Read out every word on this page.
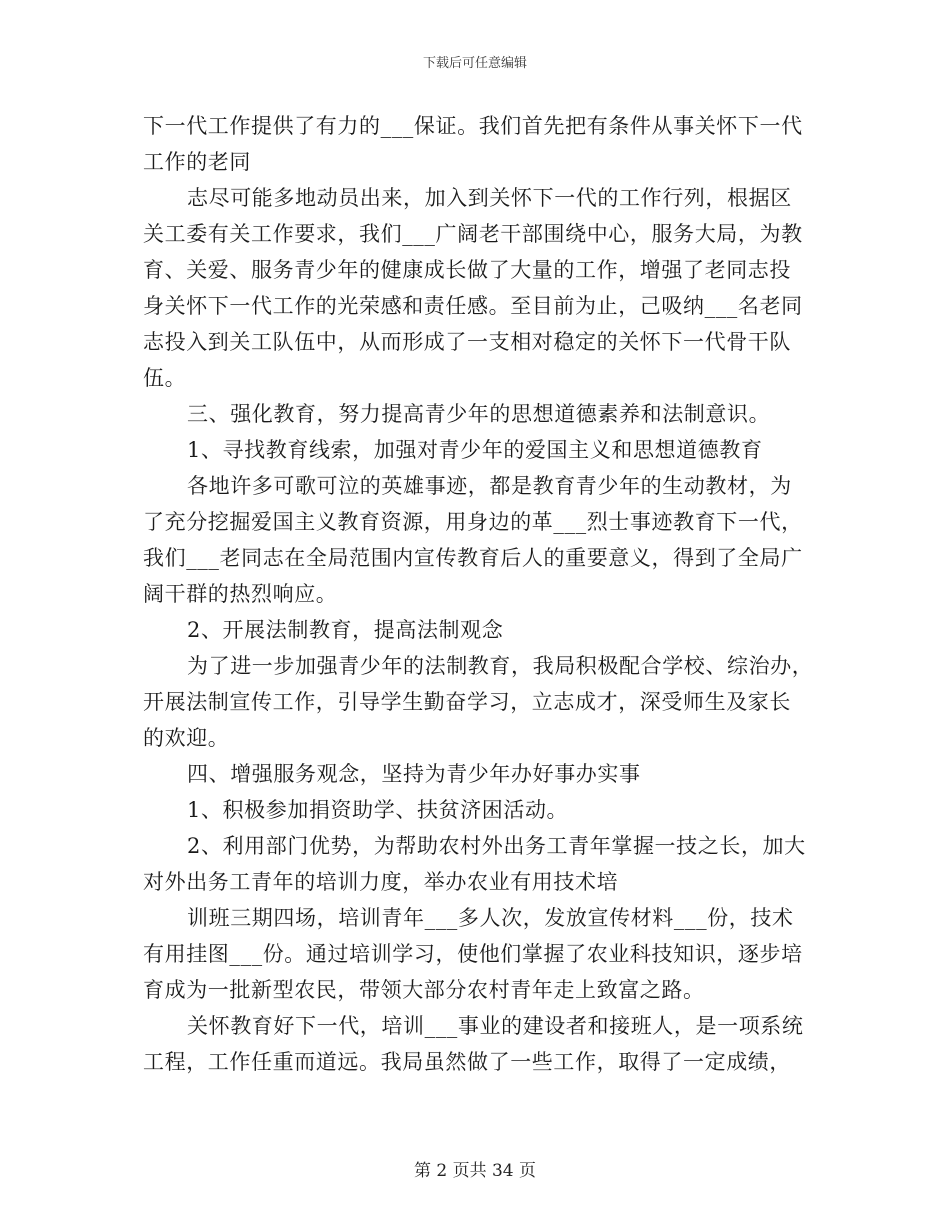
下载后可任意编辑
下一代工作提供了有力的___保证。我们首先把有条件从事关怀下一代
工作的老同
志尽可能多地动员出来，加入到关怀下一代的工作行列，根据区
关工委有关工作要求，我们___广阔老干部围绕中心，服务大局，为教
育、关爱、服务青少年的健康成长做了大量的工作，增强了老同志投
身关怀下一代工作的光荣感和责任感。至目前为止，己吸纳___名老同
志投入到关工队伍中，从而形成了一支相对稳定的关怀下一代骨干队
伍。
三、强化教育，努力提高青少年的思想道德素养和法制意识。
1、寻找教育线索，加强对青少年的爱国主义和思想道德教育
各地许多可歌可泣的英雄事迹，都是教育青少年的生动教材，为
了充分挖掘爱国主义教育资源，用身边的革___烈士事迹教育下一代，
我们___老同志在全局范围内宣传教育后人的重要意义，得到了全局广
阔干群的热烈响应。
2、开展法制教育，提高法制观念
为了进一步加强青少年的法制教育，我局积极配合学校、综治办，
开展法制宣传工作，引导学生勤奋学习，立志成才，深受师生及家长
的欢迎。
四、增强服务观念，坚持为青少年办好事办实事
1、积极参加捐资助学、扶贫济困活动。
2、利用部门优势，为帮助农村外出务工青年掌握一技之长，加大
对外出务工青年的培训力度，举办农业有用技术培
训班三期四场，培训青年___多人次，发放宣传材料___份，技术
有用挂图___份。通过培训学习，使他们掌握了农业科技知识，逐步培
育成为一批新型农民，带领大部分农村青年走上致富之路。
关怀教育好下一代，培训___事业的建设者和接班人，是一项系统
工程，工作任重而道远。我局虽然做了一些工作，取得了一定成绩，
第 2 页共 34 页
